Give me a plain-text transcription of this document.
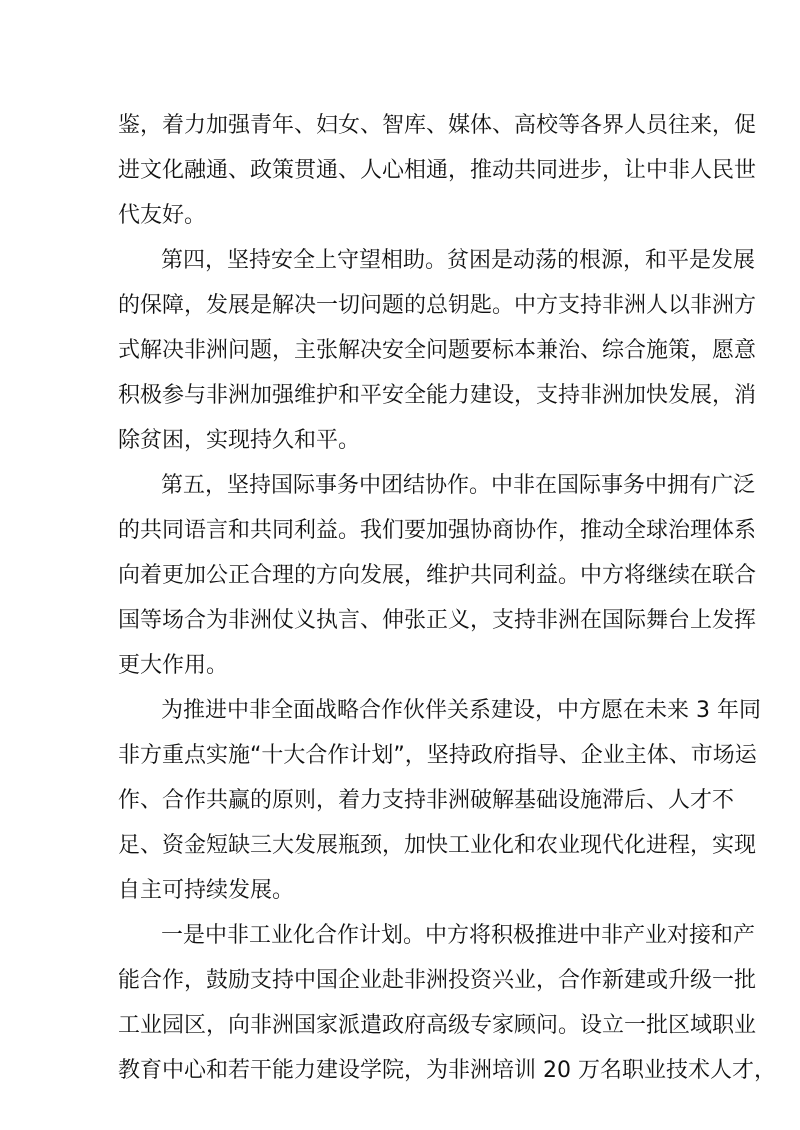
鉴，着力加强青年、妇女、智库、媒体、高校等各界人员往来，促
进文化融通、政策贯通、人心相通，推动共同进步，让中非人民世
代友好。
第四，坚持安全上守望相助。贫困是动荡的根源，和平是发展
的保障，发展是解决一切问题的总钥匙。中方支持非洲人以非洲方
式解决非洲问题，主张解决安全问题要标本兼治、综合施策，愿意
积极参与非洲加强维护和平安全能力建设，支持非洲加快发展，消
除贫困，实现持久和平。
第五，坚持国际事务中团结协作。中非在国际事务中拥有广泛
的共同语言和共同利益。我们要加强协商协作，推动全球治理体系
向着更加公正合理的方向发展，维护共同利益。中方将继续在联合
国等场合为非洲仗义执言、伸张正义，支持非洲在国际舞台上发挥
更大作用。
为推进中非全面战略合作伙伴关系建设，中方愿在未来 3 年同
非方重点实施“十大合作计划”，坚持政府指导、企业主体、市场运
作、合作共赢的原则，着力支持非洲破解基础设施滞后、人才不
足、资金短缺三大发展瓶颈，加快工业化和农业现代化进程，实现
自主可持续发展。
一是中非工业化合作计划。中方将积极推进中非产业对接和产
能合作，鼓励支持中国企业赴非洲投资兴业，合作新建或升级一批
工业园区，向非洲国家派遣政府高级专家顾问。设立一批区域职业
教育中心和若干能力建设学院，为非洲培训 20 万名职业技术人才，
